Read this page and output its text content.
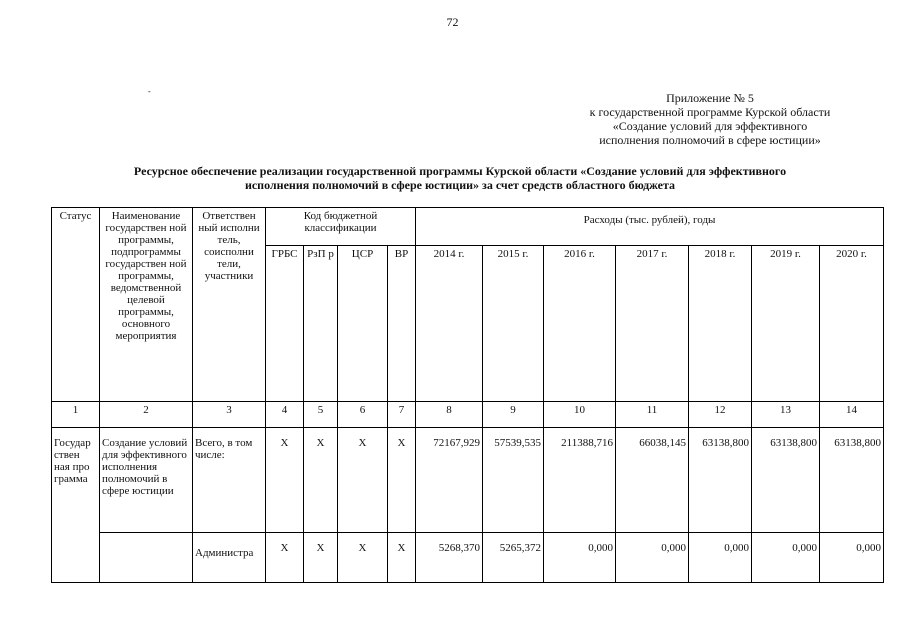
72
-	Приложение № 5
к государственной программе Курской области
«Создание условий для эффективного
исполнения полномочий в сфере юстиции»
Ресурсное обеспечение реализации государственной программы Курской области «Создание условий для эффективного
исполнения полномочий в сфере юстиции» за счет средств областного бюджета
Статус	Наименование государствен ной программы, подпрограммы государствен ной программы, ведомственной целевой программы, основного мероприятия	Ответствен ный исполни тель, соисполни тели, участники	Код бюджетной классификации				Расходы (тыс. рублей), годы						
			ГРБС	РзП р	ЦСР	ВР	2014 г.	2015 г.	2016 г.	2017 г.	2018 г.	2019 г.	2020 г.
1	2	3	4	5	6	7	8	9	10	11	12	13	14
Государ ствен ная про грамма	Создание условий для эффективного исполнения полномочий в сфере юстиции	Всего, в том числе:	X	X	X	X	72167,929	57539,535	211388,716	66038,145	63138,800	63138,800	63138,800
		Администра	X	X	X	X	5268,370	5265,372	0,000	0,000	0,000	0,000	0,000
